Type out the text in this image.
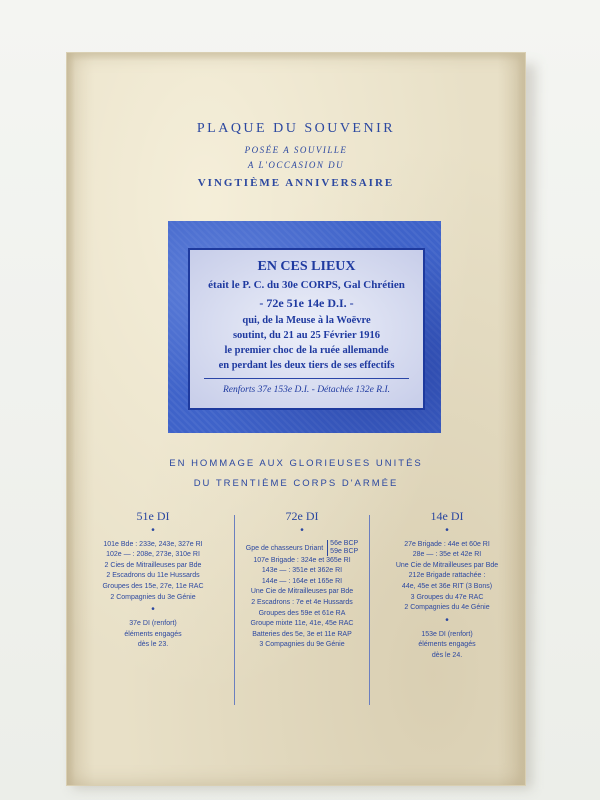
PLAQUE DU SOUVENIR
POSÉE A SOUVILLE
A L'OCCASION DU
VINGTIÈME ANNIVERSAIRE
EN CES LIEUX
était le P. C. du 30e CORPS, Gal Chrétien
- 72e 51e 14e D.I. -
qui, de la Meuse à la Woëvre
soutint, du 21 au 25 Février 1916
le premier choc de la ruée allemande
en perdant les deux tiers de ses effectifs
Renforts 37e 153e D.I. - Détachée 132e R.I.
EN HOMMAGE AUX GLORIEUSES UNITÉS
DU TRENTIÈME CORPS D'ARMÉE
51e DI
•
101e Bde : 233e, 243e, 327e RI
102e — : 208e, 273e, 310e RI
2 Cies de Mitrailleuses par Bde
2 Escadrons du 11e Hussards
Groupes des 15e, 27e, 11e RAC
2 Compagnies du 3e Génie
•
37e DI (renfort)
éléments engagés
dès le 23.
72e DI
•
Gpe de chasseurs Driant 56e BCP
59e BCP
107e Brigade : 324e et 365e RI
143e — : 351e et 362e RI
144e — : 164e et 165e RI
Une Cie de Mitrailleuses par Bde
2 Escadrons : 7e et 4e Hussards
Groupes des 59e et 61e RA
Groupe mixte 11e, 41e, 45e RAC
Batteries des 5e, 3e et 11e RAP
3 Compagnies du 9e Génie
14e DI
•
27e Brigade : 44e et 60e RI
28e — : 35e et 42e RI
Une Cie de Mitrailleuses par Bde
212e Brigade rattachée :
44e, 45e et 36e RIT (3 Bons)
3 Groupes du 47e RAC
2 Compagnies du 4e Génie
•
153e DI (renfort)
éléments engagés
dès le 24.
